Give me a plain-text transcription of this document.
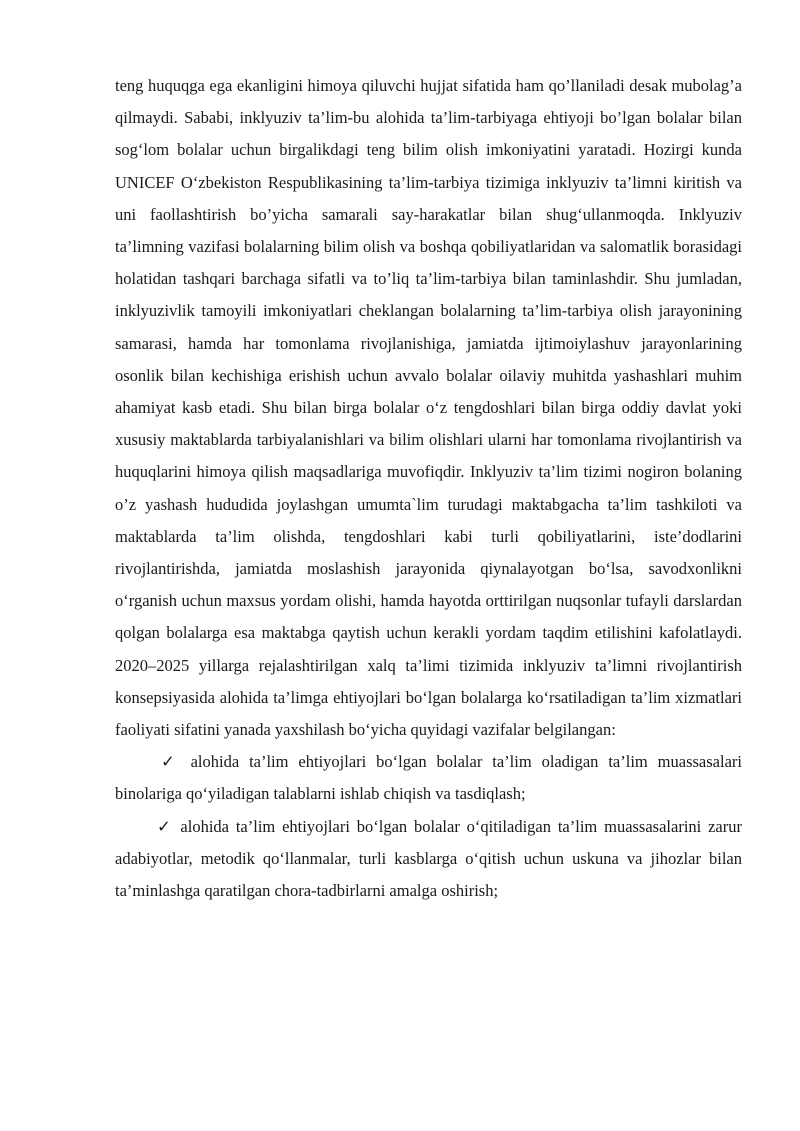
teng huquqga ega ekanligini himoya qiluvchi hujjat sifatida ham qo’llaniladi desak mubolag’a qilmaydi. Sababi, inklyuziv ta’lim-bu alohida ta’lim-tarbiyaga ehtiyoji bo’lgan bolalar bilan sog‘lom bolalar uchun birgalikdagi teng bilim olish imkoniyatini yaratadi. Hozirgi kunda UNICEF O‘zbekiston Respublikasining ta’lim-tarbiya tizimiga inklyuziv ta’limni kiritish va uni faollashtirish bo’yicha samarali say-harakatlar bilan shug‘ullanmoqda. Inklyuziv ta’limning vazifasi bolalarning bilim olish va boshqa qobiliyatlaridan va salomatlik borasidagi holatidan tashqari barchaga sifatli va to’liq ta’lim-tarbiya bilan taminlashdir. Shu jumladan, inklyuzivlik tamoyili imkoniyatlari cheklangan bolalarning ta’lim-tarbiya olish jarayonining samarasi, hamda har tomonlama rivojlanishiga, jamiatda ijtimoiylashuv jarayonlarining osonlik bilan kechishiga erishish uchun avvalo bolalar oilaviy muhitda yashashlari muhim ahamiyat kasb etadi. Shu bilan birga bolalar o‘z tengdoshlari bilan birga oddiy davlat yoki xususiy maktablarda tarbiyalanishlari va bilim olishlari ularni har tomonlama rivojlantirish va huquqlarini himoya qilish maqsadlariga muvofiqdir. Inklyuziv ta’lim tizimi nogiron bolaning o’z yashash hududida joylashgan umumta`lim turudagi maktabgacha ta’lim tashkiloti va maktablarda ta’lim olishda, tengdoshlari kabi turli qobiliyatlarini, iste’dodlarini rivojlantirishda, jamiatda moslashish jarayonida qiynalayotgan bo‘lsa, savodxonlikni o‘rganish uchun maxsus yordam olishi, hamda hayotda orttirilgan nuqsonlar tufayli darslardan qolgan bolalarga esa maktabga qaytish uchun kerakli yordam taqdim etilishini kafolatlaydi. 2020–2025 yillarga rejalashtirilgan xalq ta’limi tizimida inklyuziv ta’limni rivojlantirish konsepsiyasida alohida ta’limga ehtiyojlari bo‘lgan bolalarga ko‘rsatiladigan ta’lim xizmatlari faoliyati sifatini yanada yaxshilash bo‘yicha quyidagi vazifalar belgilangan:

✓ alohida ta’lim ehtiyojlari bo‘lgan bolalar ta’lim oladigan ta’lim muassasalari binolariga qo‘yiladigan talablarni ishlab chiqish va tasdiqlash;

✓ alohida ta’lim ehtiyojlari bo‘lgan bolalar o‘qitiladigan ta’lim muassasalarini zarur adabiyotlar, metodik qo‘llanmalar, turli kasblarga o‘qitish uchun uskuna va jihozlar bilan ta’minlashga qaratilgan chora-tadbirlarni amalga oshirish;
